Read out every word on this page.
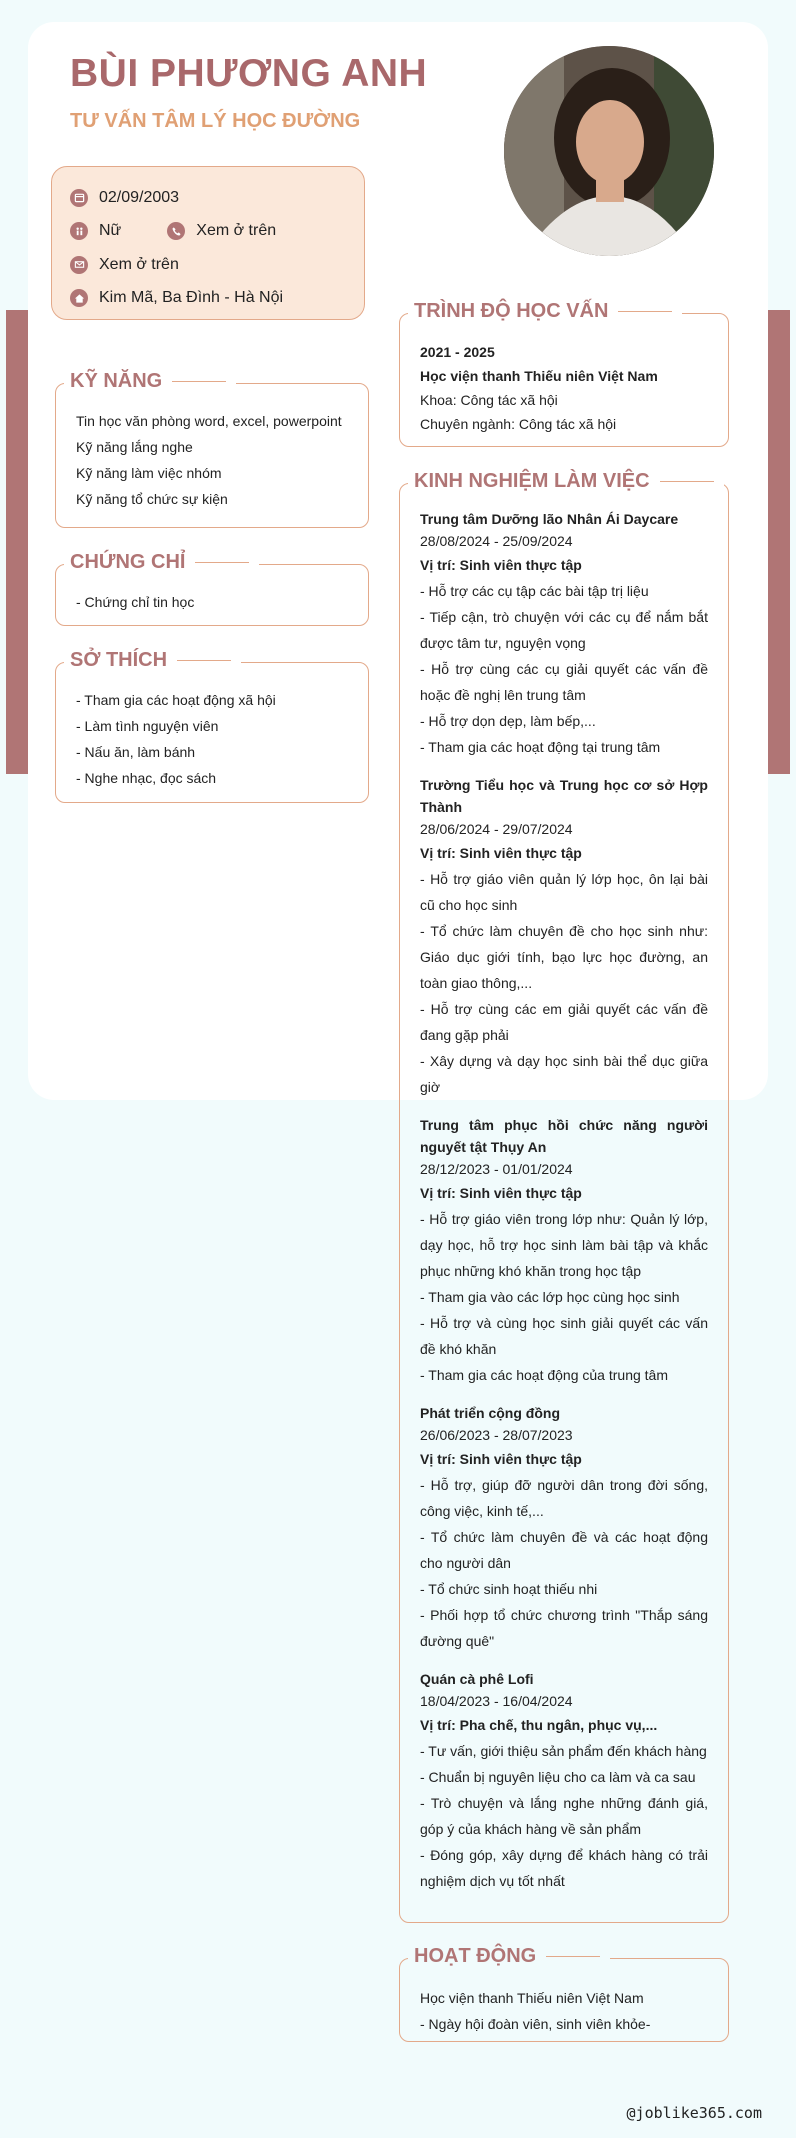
BÙI PHƯƠNG ANH
TƯ VẤN TÂM LÝ HỌC ĐƯỜNG
02/09/2003
Nữ	Xem ở trên
Xem ở trên
Kim Mã, Ba Đình - Hà Nội
KỸ NĂNG
Tin học văn phòng word, excel, powerpoint
Kỹ năng lắng nghe
Kỹ năng làm việc nhóm
Kỹ năng tổ chức sự kiện
CHỨNG CHỈ
- Chứng chỉ tin học
SỞ THÍCH
- Tham gia các hoạt động xã hội
- Làm tình nguyện viên
- Nấu ăn, làm bánh
- Nghe nhạc, đọc sách
TRÌNH ĐỘ HỌC VẤN
2021 - 2025
Học viện thanh Thiếu niên Việt Nam
Khoa: Công tác xã hội
Chuyên ngành: Công tác xã hội
KINH NGHIỆM LÀM VIỆC
Trung tâm Dưỡng lão Nhân Ái Daycare
28/08/2024 - 25/09/2024
Vị trí: Sinh viên thực tập
- Hỗ trợ các cụ tập các bài tập trị liệu
- Tiếp cận, trò chuyện với các cụ để nắm bắt được tâm tư, nguyện vọng
- Hỗ trợ cùng các cụ giải quyết các vấn đề hoặc đề nghị lên trung tâm
- Hỗ trợ dọn dẹp, làm bếp,...
- Tham gia các hoạt động tại trung tâm
Trường Tiểu học và Trung học cơ sở Hợp Thành
28/06/2024 - 29/07/2024
Vị trí: Sinh viên thực tập
- Hỗ trợ giáo viên quản lý lớp học, ôn lại bài cũ cho học sinh
- Tổ chức làm chuyên đề cho học sinh như: Giáo dục giới tính, bạo lực học đường, an toàn giao thông,...
- Hỗ trợ cùng các em giải quyết các vấn đề đang gặp phải
- Xây dựng và dạy học sinh bài thể dục giữa giờ
Trung tâm phục hồi chức năng người nguyết tật Thụy An
28/12/2023 - 01/01/2024
Vị trí: Sinh viên thực tập
- Hỗ trợ giáo viên trong lớp như: Quản lý lớp, dạy học, hỗ trợ học sinh làm bài tập và khắc phục những khó khăn trong học tập
- Tham gia vào các lớp học cùng học sinh
- Hỗ trợ và cùng học sinh giải quyết các vấn đề khó khăn
- Tham gia các hoạt động của trung tâm
Phát triển cộng đồng
26/06/2023 - 28/07/2023
Vị trí: Sinh viên thực tập
- Hỗ trợ, giúp đỡ người dân trong đời sống, công việc, kinh tế,...
- Tổ chức làm chuyên đề và các hoạt động cho người dân
- Tổ chức sinh hoạt thiếu nhi
- Phối hợp tổ chức chương trình "Thắp sáng đường quê"
Quán cà phê Lofi
18/04/2023 - 16/04/2024
Vị trí: Pha chế, thu ngân, phục vụ,...
- Tư vấn, giới thiệu sản phẩm đến khách hàng
- Chuẩn bị nguyên liệu cho ca làm và ca sau
- Trò chuyện và lắng nghe những đánh giá, góp ý của khách hàng về sản phẩm
- Đóng góp, xây dựng để khách hàng có trải nghiệm dịch vụ tốt nhất
HOẠT ĐỘNG
Học viện thanh Thiếu niên Việt Nam
- Ngày hội đoàn viên, sinh viên khỏe-
@joblike365.com
